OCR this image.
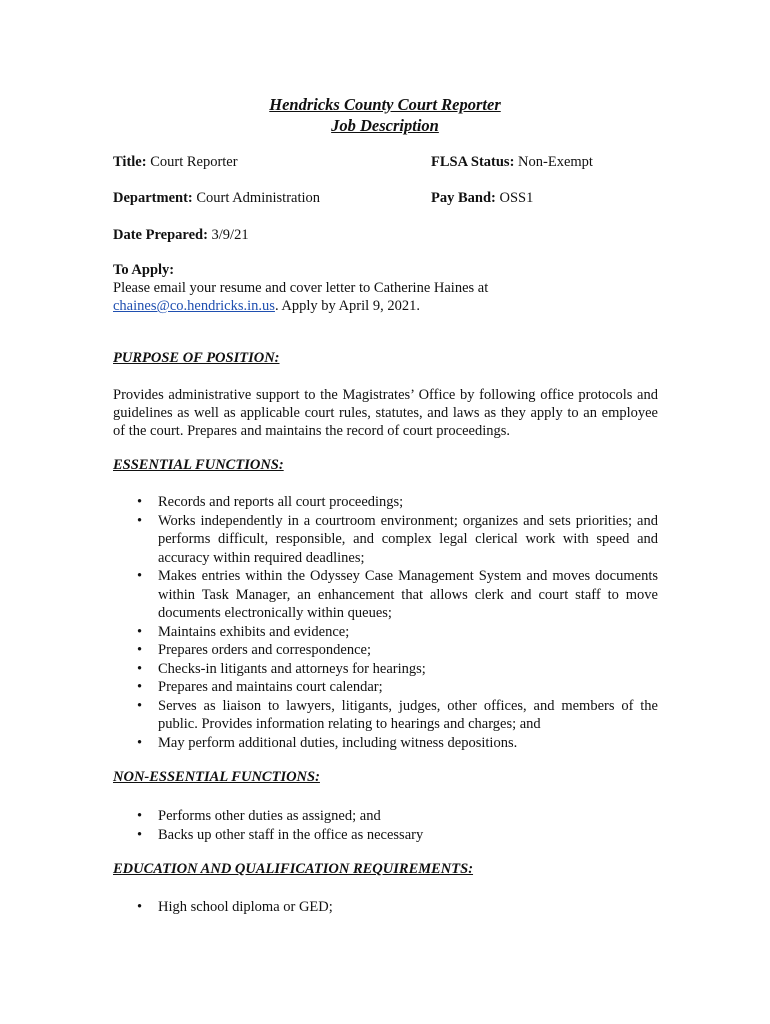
Hendricks County Court Reporter
Job Description
Title: Court Reporter	FLSA Status: Non-Exempt
Department: Court Administration	Pay Band: OSS1
Date Prepared: 3/9/21
To Apply:
Please email your resume and cover letter to Catherine Haines at
chaines@co.hendricks.in.us. Apply by April 9, 2021.
PURPOSE OF POSITION:
Provides administrative support to the Magistrates’ Office by following office protocols and guidelines as well as applicable court rules, statutes, and laws as they apply to an employee of the court. Prepares and maintains the record of court proceedings.
ESSENTIAL FUNCTIONS:
• Records and reports all court proceedings;
• Works independently in a courtroom environment; organizes and sets priorities; and performs difficult, responsible, and complex legal clerical work with speed and accuracy within required deadlines;
• Makes entries within the Odyssey Case Management System and moves documents within Task Manager, an enhancement that allows clerk and court staff to move documents electronically within queues;
• Maintains exhibits and evidence;
• Prepares orders and correspondence;
• Checks-in litigants and attorneys for hearings;
• Prepares and maintains court calendar;
• Serves as liaison to lawyers, litigants, judges, other offices, and members of the public. Provides information relating to hearings and charges; and
• May perform additional duties, including witness depositions.
NON-ESSENTIAL FUNCTIONS:
• Performs other duties as assigned; and
• Backs up other staff in the office as necessary
EDUCATION AND QUALIFICATION REQUIREMENTS:
• High school diploma or GED;
